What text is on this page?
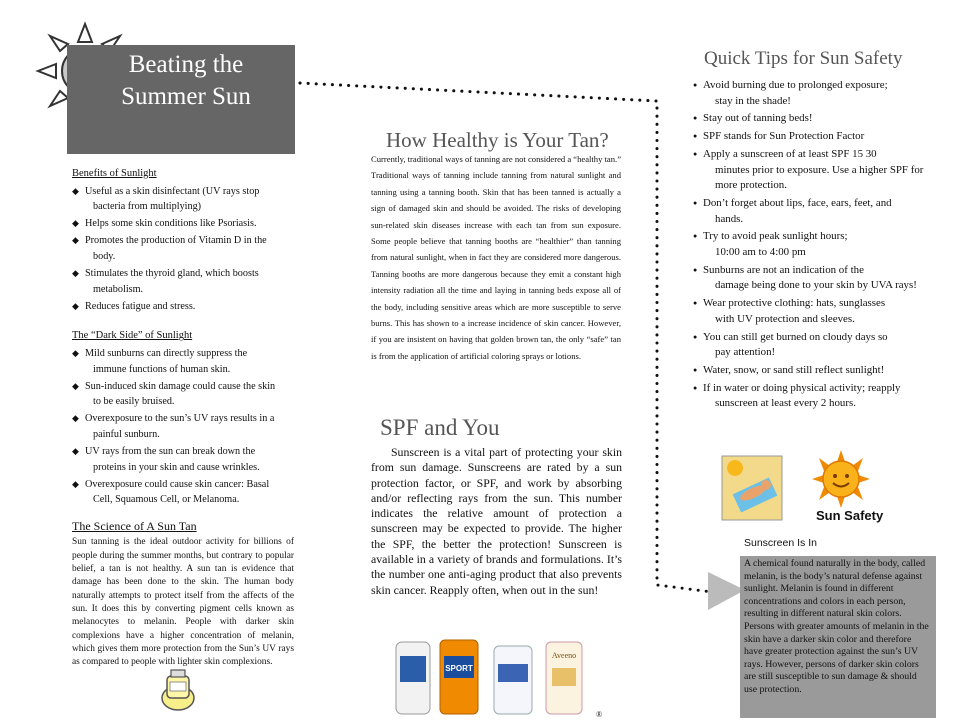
Beating the
Summer Sun

Benefits of Sunlight

◆ Useful as a skin disinfectant (UV rays stop
bacteria from multiplying)
◆ Helps some skin conditions like Psoriasis.
◆ Promotes the production of Vitamin D in the
body.
◆ Stimulates the thyroid gland, which boosts
metabolism.
◆ Reduces fatigue and stress.

The “Dark Side” of Sunlight

◆ Mild sunburns can directly suppress the
immune functions of human skin.
◆ Sun-induced skin damage could cause the skin
to be easily bruised.
◆ Overexposure to the sun’s UV rays results in a
painful sunburn.
◆ UV rays from the sun can break down the
proteins in your skin and cause wrinkles.
◆ Overexposure could cause skin cancer: Basal
Cell, Squamous Cell, or Melanoma.

The Science of A Sun Tan

Sun tanning is the ideal outdoor activity for billions of people during the summer months, but contrary to popular belief, a tan is not healthy. A sun tan is evidence that damage has been done to the skin. The human body naturally attempts to protect itself from the affects of the sun. It does this by converting pigment cells known as melanocytes to melanin. People with darker skin complexions have a higher concentration of melanin, which gives them more protection from the Sun’s UV rays as compared to people with lighter skin complexions.

How Healthy is Your Tan?

Currently, traditional ways of tanning are not considered a “healthy tan.” Traditional ways of tanning include tanning from natural sunlight and tanning using a tanning booth. Skin that has been tanned is actually a sign of damaged skin and should be avoided. The risks of developing sun-related skin diseases increase with each tan from sun exposure. Some people believe that tanning booths are “healthier” than tanning from natural sunlight, when in fact they are considered more dangerous. Tanning booths are more dangerous because they emit a constant high intensity radiation all the time and laying in tanning beds expose all of the body, including sensitive areas which are more susceptible to serve burns. This has shown to a increase incidence of skin cancer. However, if you are insistent on having that golden brown tan, the only “safe” tan is from the application of artificial coloring sprays or lotions.

SPF and You

Sunscreen is a vital part of protecting your skin from sun damage. Sunscreens are rated by a sun protection factor, or SPF, and work by absorbing and/or reflecting rays from the sun. This number indicates the relative amount of protection a sunscreen may be expected to provide. The higher the SPF, the better the protection! Sunscreen is available in a variety of brands and formulations. It’s the number one anti-aging product that also prevents skin cancer. Reapply often, when out in the sun!

SPORT
Aveeno
®
Quick Tips for Sun Safety
● Avoid burning due to prolonged exposure;
stay in the shade!
● Stay out of tanning beds!
● SPF stands for Sun Protection Factor
● Apply a sunscreen of at least SPF 15 30
minutes prior to exposure. Use a higher SPF for more protection.
● Don’t forget about lips, face, ears, feet, and
hands.
● Try to avoid peak sunlight hours;
10:00 am to 4:00 pm
● Sunburns are not an indication of the
damage being done to your skin by UVA rays!
● Wear protective clothing: hats, sunglasses
with UV protection and sleeves.
● You can still get burned on cloudy days so
pay attention!
● Water, snow, or sand still reflect sunlight!
● If in water or doing physical activity; reapply
sunscreen at least every 2 hours.
Sun Safety

Sunscreen Is In

A chemical found naturally in the body, called melanin, is the body’s natural defense against sunlight. Melanin is found in different concentrations and colors in each person, resulting in different natural skin colors. Persons with greater amounts of melanin in the skin have a darker skin color and therefore have greater protection against the sun’s UV rays. However, persons of darker skin colors are still susceptible to sun damage & should use protection.
